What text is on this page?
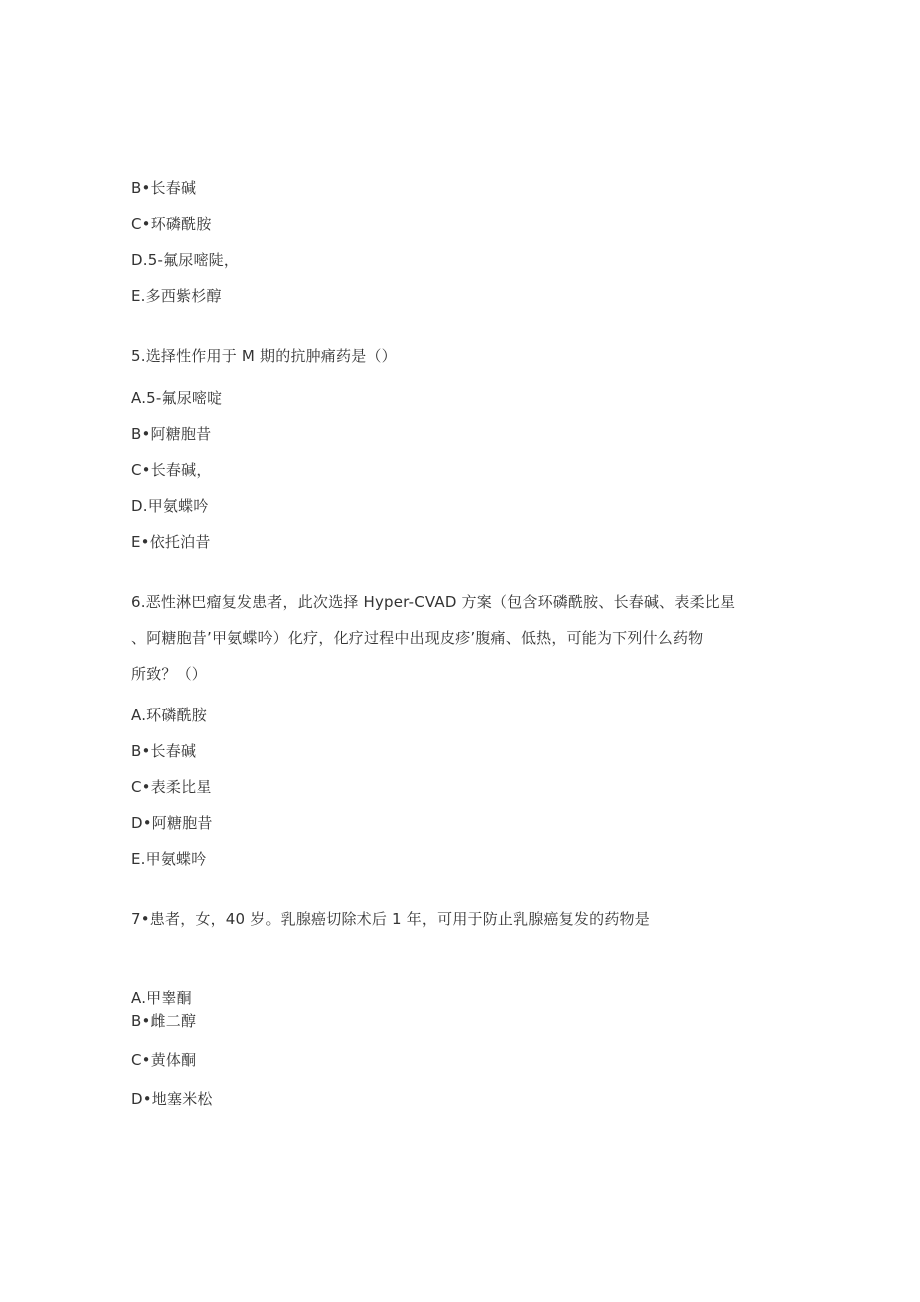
B•长春碱
C•环磷酰胺
D.5-氟尿嘧陡，
E.多西紫杉醇
5.选择性作用于 M 期的抗肿痛药是（）
A.5-氟尿嘧啶
B•阿糖胞昔
C•长春碱，
D.甲氨蝶吟
E•依托泊昔
6.恶性淋巴瘤复发患者，此次选择 Hyper-CVAD 方案（包含环磷酰胺、长春碱、表柔比星
、阿糖胞昔’甲氨蝶吟）化疗，化疗过程中出现皮疹’腹痛、低热，可能为下列什么药物
所致？（）
A.环磷酰胺
B•长春碱
C•表柔比星
D•阿糖胞昔
E.甲氨蝶吟
7•患者，女，40 岁。乳腺癌切除术后 1 年，可用于防止乳腺癌复发的药物是
A.甲睾酮
B•雌二醇
C•黄体酮
D•地塞米松
